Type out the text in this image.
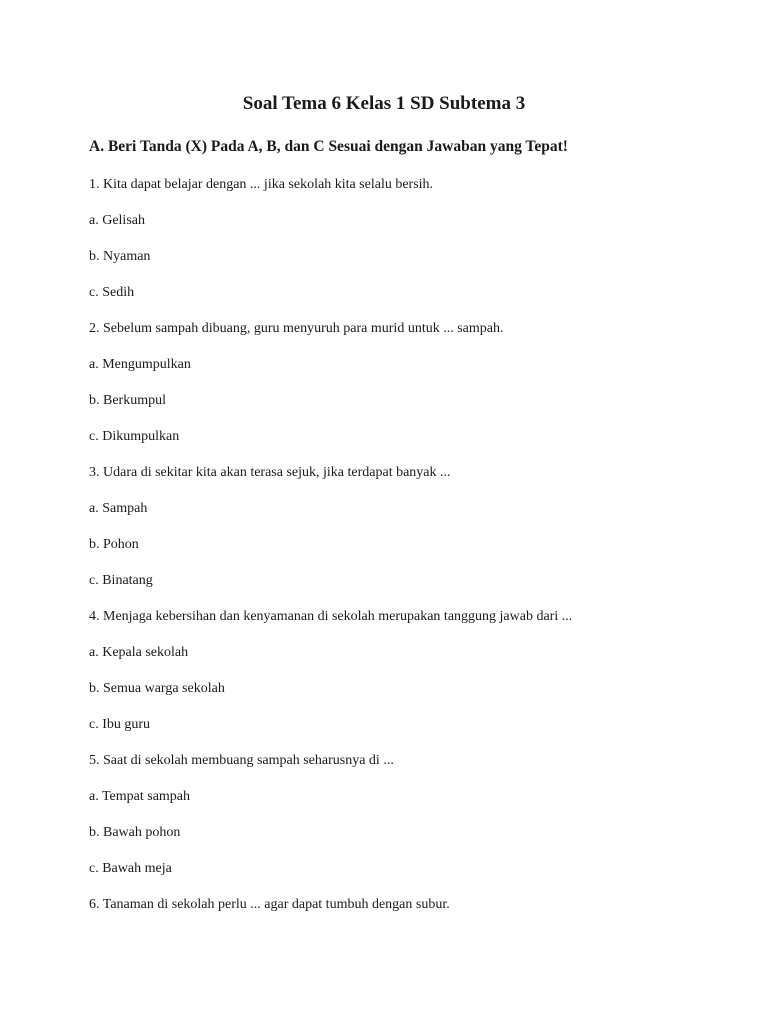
Soal Tema 6 Kelas 1 SD Subtema 3
A. Beri Tanda (X) Pada A, B, dan C Sesuai dengan Jawaban yang Tepat!

1. Kita dapat belajar dengan ... jika sekolah kita selalu bersih.

a. Gelisah

b. Nyaman

c. Sedih

2. Sebelum sampah dibuang, guru menyuruh para murid untuk ... sampah.

a. Mengumpulkan

b. Berkumpul

c. Dikumpulkan

3. Udara di sekitar kita akan terasa sejuk, jika terdapat banyak ...

a. Sampah

b. Pohon

c. Binatang

4. Menjaga kebersihan dan kenyamanan di sekolah merupakan tanggung jawab dari ...

a. Kepala sekolah

b. Semua warga sekolah

c. Ibu guru

5. Saat di sekolah membuang sampah seharusnya di ...

a. Tempat sampah

b. Bawah pohon

c. Bawah meja

6. Tanaman di sekolah perlu ... agar dapat tumbuh dengan subur.
